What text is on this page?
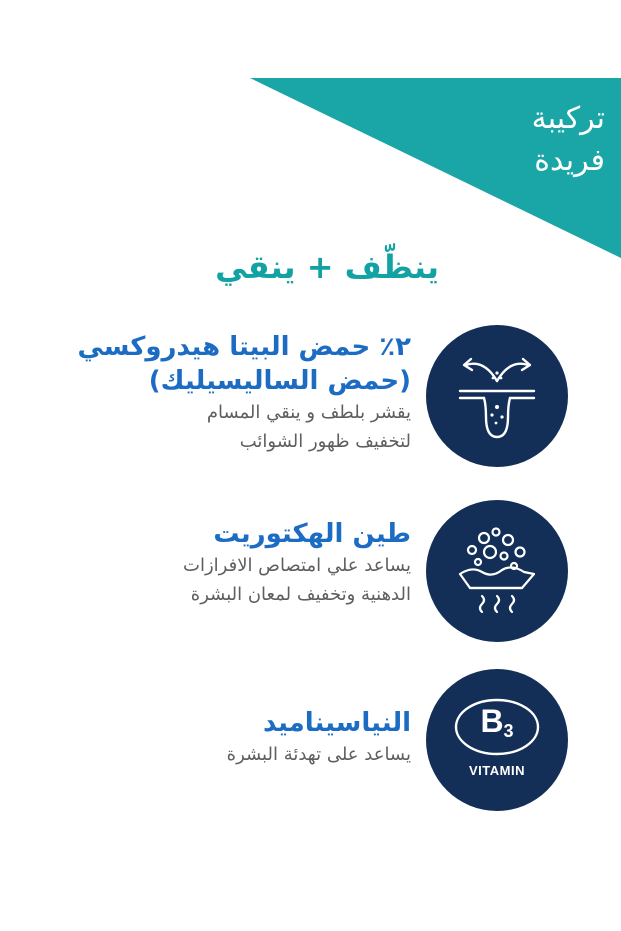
تركيبة
فريدة
ينظّف + ينقي
٢٪ حمض البيتا هيدروكسي
(حمض الساليسيليك)
يقشر بلطف و ينقي المسام
لتخفيف ظهور الشوائب
طين الهكتوريت
يساعد علي امتصاص الافرازات
الدهنية وتخفيف لمعان البشرة
النياسيناميد
يساعد على تهدئة البشرة
$B_3$
VITAMIN
